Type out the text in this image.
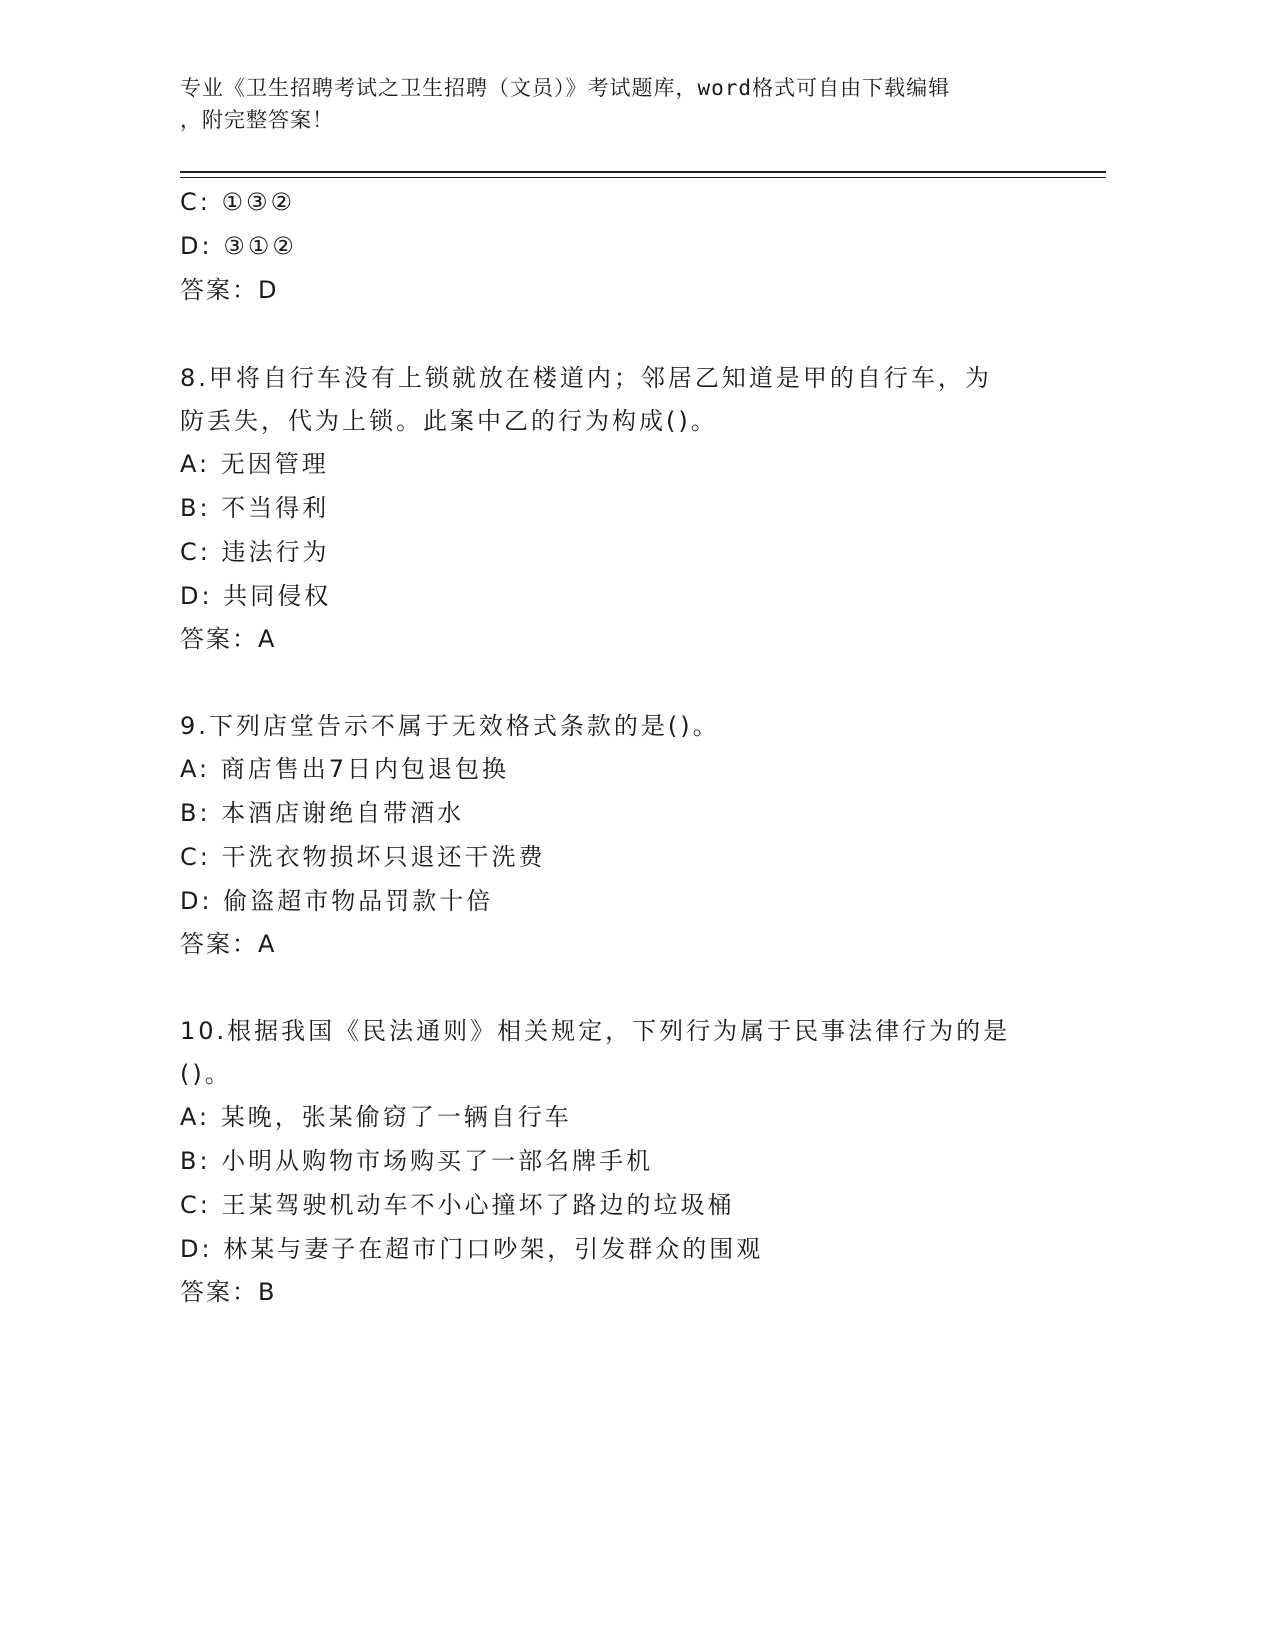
专业《卫生招聘考试之卫生招聘（文员）》考试题库，word格式可自由下载编辑
，附完整答案！
C: ①③②
D: ③①②
答案：D
8.甲将自行车没有上锁就放在楼道内；邻居乙知道是甲的自行车，为
防丢失，代为上锁。此案中乙的行为构成()。
A: 无因管理
B: 不当得利
C: 违法行为
D: 共同侵权
答案：A
9.下列店堂告示不属于无效格式条款的是()。
A: 商店售出7日内包退包换
B: 本酒店谢绝自带酒水
C: 干洗衣物损坏只退还干洗费
D: 偷盗超市物品罚款十倍
答案：A
10.根据我国《民法通则》相关规定，下列行为属于民事法律行为的是
()。
A: 某晚，张某偷窃了一辆自行车
B: 小明从购物市场购买了一部名牌手机
C: 王某驾驶机动车不小心撞坏了路边的垃圾桶
D: 林某与妻子在超市门口吵架，引发群众的围观
答案：B
